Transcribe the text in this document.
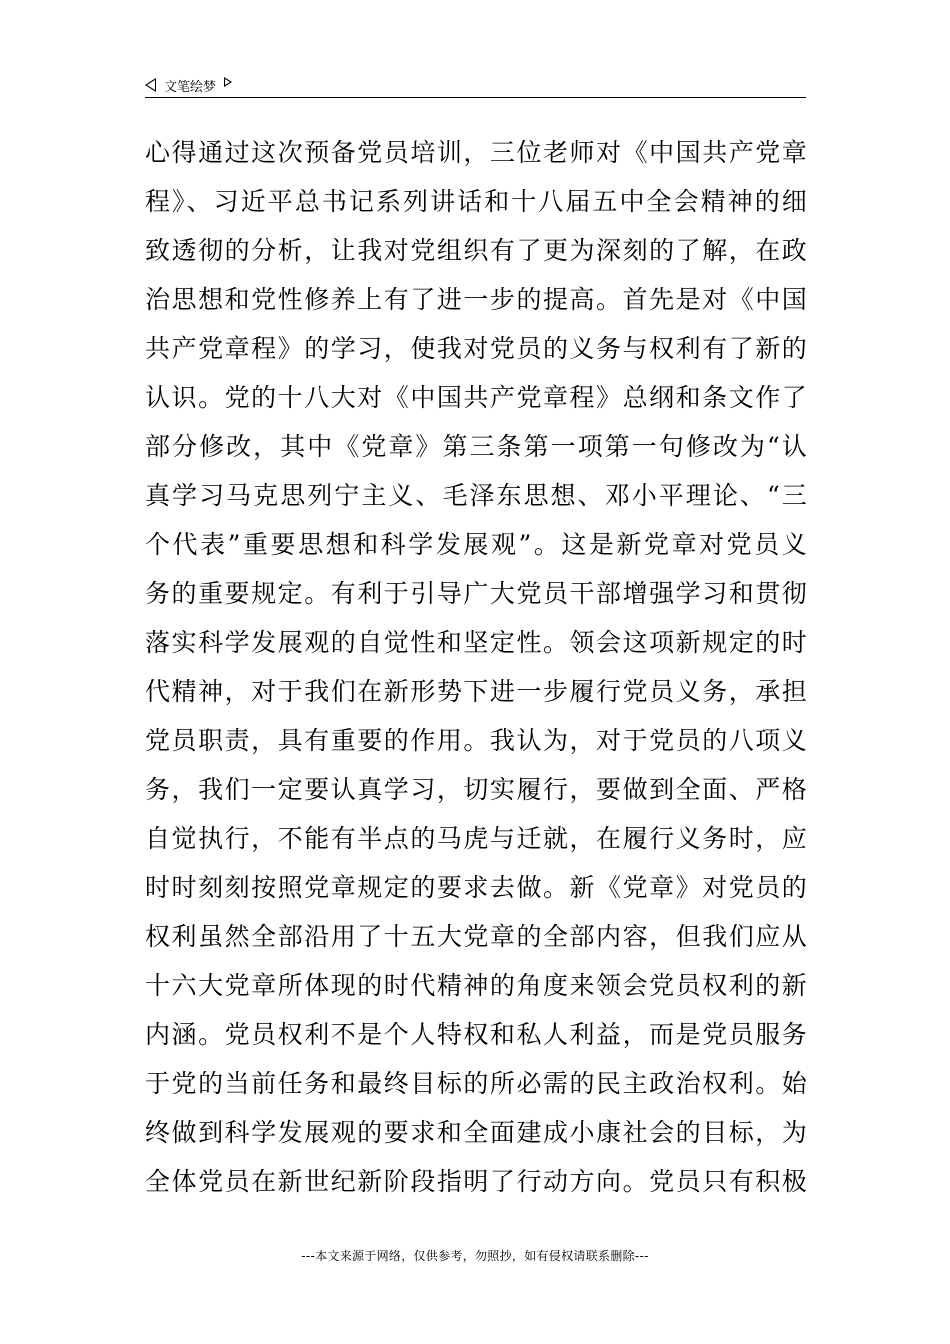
文笔绘梦
心得通过这次预备党员培训，三位老师对《中国共产党章
程》、习近平总书记系列讲话和十八届五中全会精神的细
致透彻的分析，让我对党组织有了更为深刻的了解，在政
治思想和党性修养上有了进一步的提高。首先是对《中国
共产党章程》的学习，使我对党员的义务与权利有了新的
认识。党的十八大对《中国共产党章程》总纲和条文作了
部分修改，其中《党章》第三条第一项第一句修改为“认
真学习马克思列宁主义、毛泽东思想、邓小平理论、“三
个代表”重要思想和科学发展观”。这是新党章对党员义
务的重要规定。有利于引导广大党员干部增强学习和贯彻
落实科学发展观的自觉性和坚定性。领会这项新规定的时
代精神，对于我们在新形势下进一步履行党员义务，承担
党员职责，具有重要的作用。我认为，对于党员的八项义
务，我们一定要认真学习，切实履行，要做到全面、严格
自觉执行，不能有半点的马虎与迁就，在履行义务时，应
时时刻刻按照党章规定的要求去做。新《党章》对党员的
权利虽然全部沿用了十五大党章的全部内容，但我们应从
十六大党章所体现的时代精神的角度来领会党员权利的新
内涵。党员权利不是个人特权和私人利益，而是党员服务
于党的当前任务和最终目标的所必需的民主政治权利。始
终做到科学发展观的要求和全面建成小康社会的目标，为
全体党员在新世纪新阶段指明了行动方向。党员只有积极
---本文来源于网络，仅供参考，勿照抄，如有侵权请联系删除---
